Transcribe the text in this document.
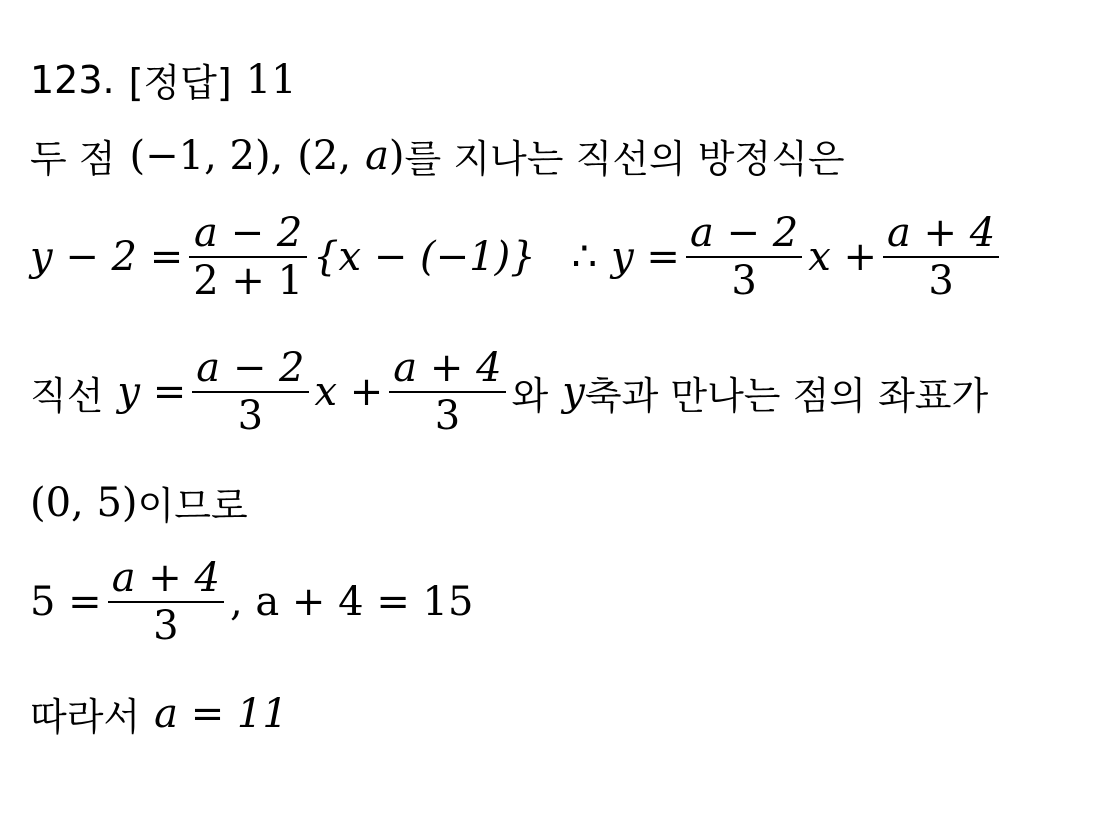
123. [정답] 11
두 점 (−1, 2), (2, a ) 를 지나는 직선의 방정식은
$y - 2 = \frac{a - 2}{2 + 1} \{x - (-1)\}$ ∴ $y = \frac{a - 2}{3}$ $x + \frac{a + 4}{3}$
직선 $y = \frac{a - 2}{3}$ $x + \frac{a + 4}{3}$ 와 y 축과 만나는 점의 좌표가
(0, 5) 이므로
$5 = \frac{a + 4}{3}$ , a + 4 = 15
따라서 a = 11
